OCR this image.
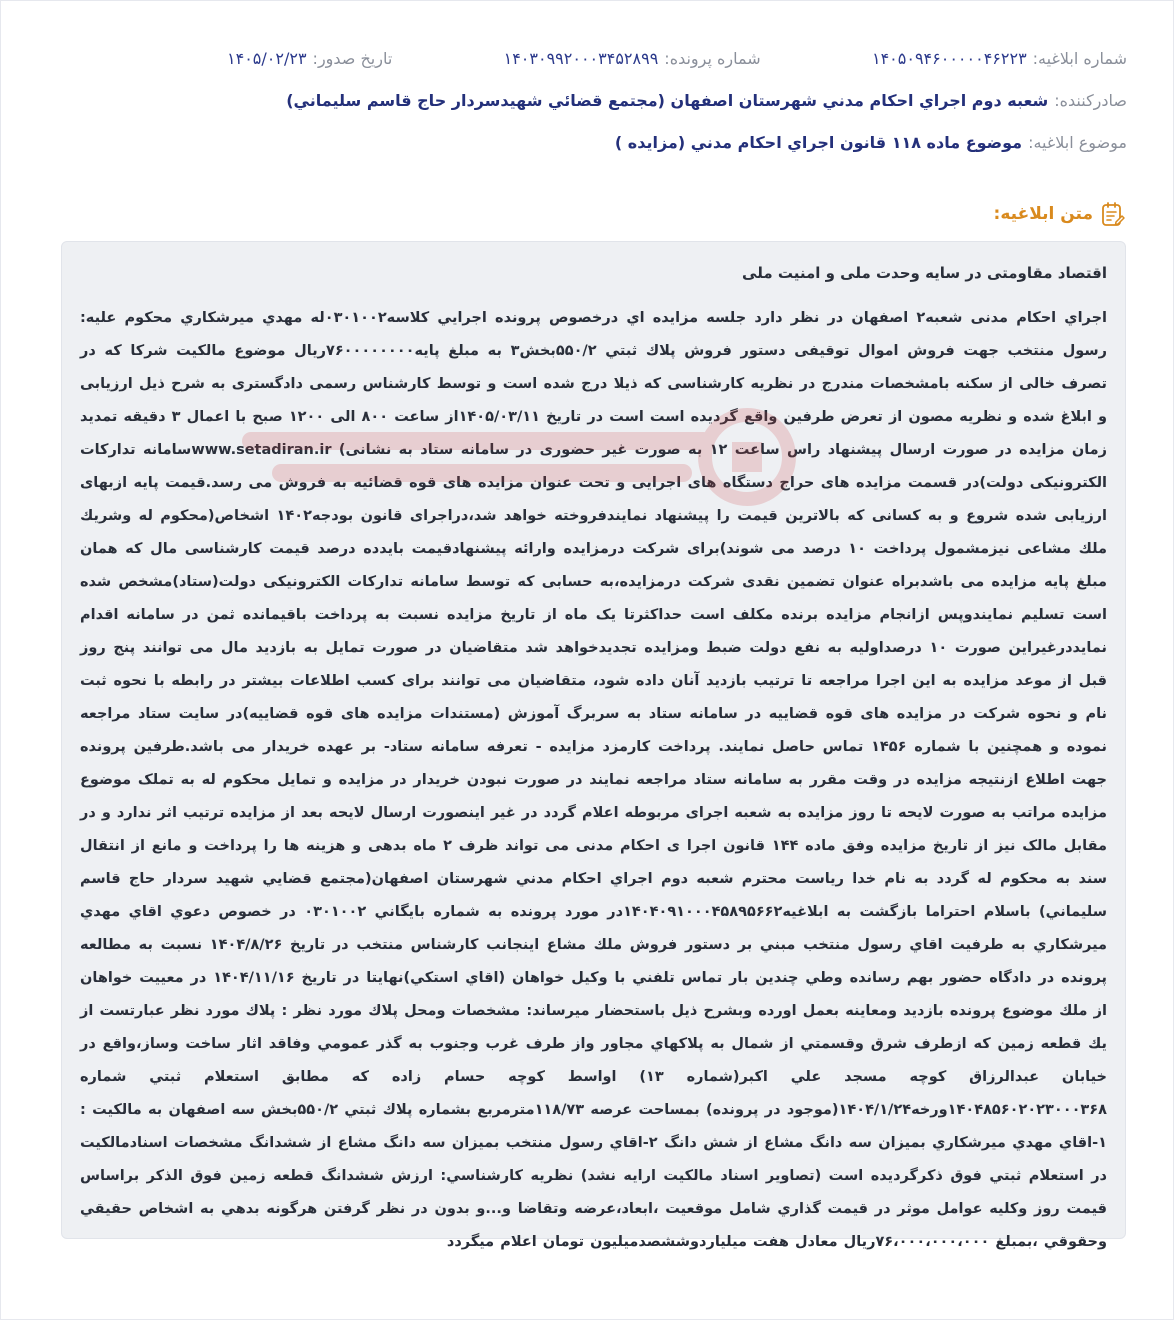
شماره ابلاغیه:
۱۴۰۵۰۹۴۶۰۰۰۰۰۴۶۲۲۳
شماره پرونده:
۱۴۰۳۰۹۹۲۰۰۰۳۴۵۲۸۹۹
تاریخ صدور:
۱۴۰۵/۰۲/۲۳
صادرکننده:
شعبه دوم اجراي احكام مدني شهرستان اصفهان (مجتمع قضائي شهيدسردار حاج قاسم سليماني)
موضوع ابلاغیه:
موضوع ماده ۱۱۸ قانون اجراي احكام مدني (مزايده )
متن ابلاغیه:

اقتصاد مقاومتی در سایه وحدت ملی و امنیت ملی

اجراي احكام مدنى شعبه۲ اصفهان در نظر دارد جلسه مزايده اي درخصوص پرونده اجرايي كلاسه۰۳۰۱۰۰۲له مهدي ميرشكاري محكوم عليه: رسول منتخب جهت فروش اموال توقيفى دستور فروش پلاك ثبتي ۵۵۰/۲بخش۳ به مبلغ پايه۷۶۰۰۰۰۰۰۰۰ريال موضوع مالكيت شركا كه در تصرف خالى از سكنه بامشخصات مندرج در نظريه كارشناسى كه ذيلا درج شده است و توسط كارشناس رسمى دادگسترى به شرح ذيل ارزيابى و ابلاغ شده و نظريه مصون از تعرض طرفين واقع گرديده است است در تاريخ ۱۴۰۵/۰۳/۱۱از ساعت ۸۰۰ الى ۱۲۰۰ صبح با اعمال ۳ دقيقه تمديد زمان مزايده در صورت ارسال پيشنهاد راس ساعت ۱۲ به صورت غير حضورى در سامانه ستاد به نشانى) www.setadiran.irسامانه تداركات الكترونيكى دولت)در قسمت مزايده هاى حراج دستگاه هاى اجرايى و تحت عنوان مزايده هاى قوه قضائيه به فروش مى رسد.قيمت پايه ازبهاى ارزيابى شده شروع و به كسانى كه بالاترين قيمت را پيشنهاد نمايندفروخته خواهد شد،دراجراى قانون بودجه۱۴۰۲ اشخاص(محكوم له وشريك ملك مشاعى نيزمشمول پرداخت ۱۰ درصد مى شوند)براى شركت درمزايده وارائه پيشنهادقيمت بايدده درصد قيمت كارشناسى مال كه همان مبلغ پايه مزايده مى باشدبراه عنوان تضمين نقدى شركت درمزايده،به حسابى كه توسط سامانه تداركات الكترونيكى دولت(ستاد)مشخص شده است تسليم نمايندوپس ازانجام مزايده برنده مكلف است حداكثرتا يک ماه از تاريخ مزايده نسبت به پرداخت باقيمانده ثمن در سامانه اقدام نمايددرغيراين صورت ۱۰ درصداوليه به نفع دولت ضبط ومزايده تجديدخواهد شد متقاضيان در صورت تمايل به بازديد مال مى توانند پنج روز قبل از موعد مزايده به اين اجرا مراجعه تا ترتيب بازديد آنان داده شود، متقاضيان مى توانند براى كسب اطلاعات بيشتر در رابطه با نحوه ثبت نام و نحوه شركت در مزايده هاى قوه قضاييه در سامانه ستاد به سربرگ آموزش (مستندات مزايده هاى قوه قضاييه)در سايت ستاد مراجعه نموده و همچنين با شماره ۱۴۵۶ تماس حاصل نمايند. پرداخت كارمزد مزايده - تعرفه سامانه ستاد- بر عهده خريدار مى باشد.طرفين پرونده جهت اطلاع ازنتيجه مزايده در وقت مقرر به سامانه ستاد مراجعه نمايند در صورت نبودن خريدار در مزايده و تمايل محكوم له به تملک موضوع مزايده مراتب به صورت لايحه تا روز مزايده به شعبه اجراى مربوطه اعلام گردد در غير اينصورت ارسال لايحه بعد از مزايده ترتيب اثر ندارد و در مقابل مالک نيز از تاريخ مزايده وفق ماده ۱۴۴ قانون اجرا ى احكام مدنى مى تواند ظرف ۲ ماه بدهى و هزينه ها را پرداخت و مانع از انتقال سند به محكوم له گردد به نام خدا رياست محترم شعبه دوم اجراي احكام مدني شهرستان اصفهان(مجتمع قضايي شهيد سردار حاج قاسم سليماني) باسلام احتراما بازگشت به ابلاغيه۱۴۰۴۰۹۱۰۰۰۴۵۸۹۵۶۶۲در مورد پرونده به شماره بايگاني ۰۳۰۱۰۰۲ در خصوص دعوي اقاي مهدي ميرشكاري به طرفيت اقاي رسول منتخب مبني بر دستور فروش ملك مشاع اينجانب كارشناس منتخب در تاريخ ۱۴۰۴/۸/۲۶ نسبت به مطالعه پرونده در دادگاه حضور بهم رسانده وطي چندين بار تماس تلفني با وكيل خواهان (اقاي استكي)نهايتا در تاريخ ۱۴۰۴/۱۱/۱۶ در معييت خواهان از ملك موضوع پرونده بازديد ومعاينه بعمل اورده وبشرح ذيل باستحضار ميرساند: مشخصات ومحل پلاك مورد نظر : پلاك مورد نظر عبارتست از يك قطعه زمين كه ازطرف شرق وقسمتي از شمال به پلاكهاي مجاور واز طرف غرب وجنوب به گذر عمومي وفاقد اثار ساخت وساز،واقع در خيابان عبدالرزاق كوچه مسجد علي اكبر(شماره ۱۳) اواسط كوچه حسام زاده كه مطابق استعلام ثبتي شماره ۱۴۰۴۸۵۶۰۲۰۲۳۰۰۰۳۶۸ورخه۱۴۰۴/۱/۲۴(موجود در پرونده) بمساحت عرصه ۱۱۸/۷۳مترمربع بشماره پلاك ثبتي ۵۵۰/۲بخش سه اصفهان به مالكيت : ۱-اقاي مهدي ميرشكاري بميزان سه دانگ مشاع از شش دانگ ۲-اقاي رسول منتخب بميزان سه دانگ مشاع از ششدانگ مشخصات اسنادمالكيت در استعلام ثبتي فوق ذكرگرديده است (تصاوير اسناد مالكيت ارايه نشد) نظريه كارشناسي: ارزش ششدانگ قطعه زمين فوق الذكر براساس قيمت روز وكليه عوامل موثر در قيمت گذاري شامل موقعيت ،ابعاد،عرضه وتقاضا و...و بدون در نظر گرفتن هرگونه بدهي به اشخاص حقيقي وحقوقي ،بمبلغ ۷۶،۰۰۰،۰۰۰،۰۰۰ريال معادل هفت ميلياردوششصدميليون تومان اعلام ميگردد
